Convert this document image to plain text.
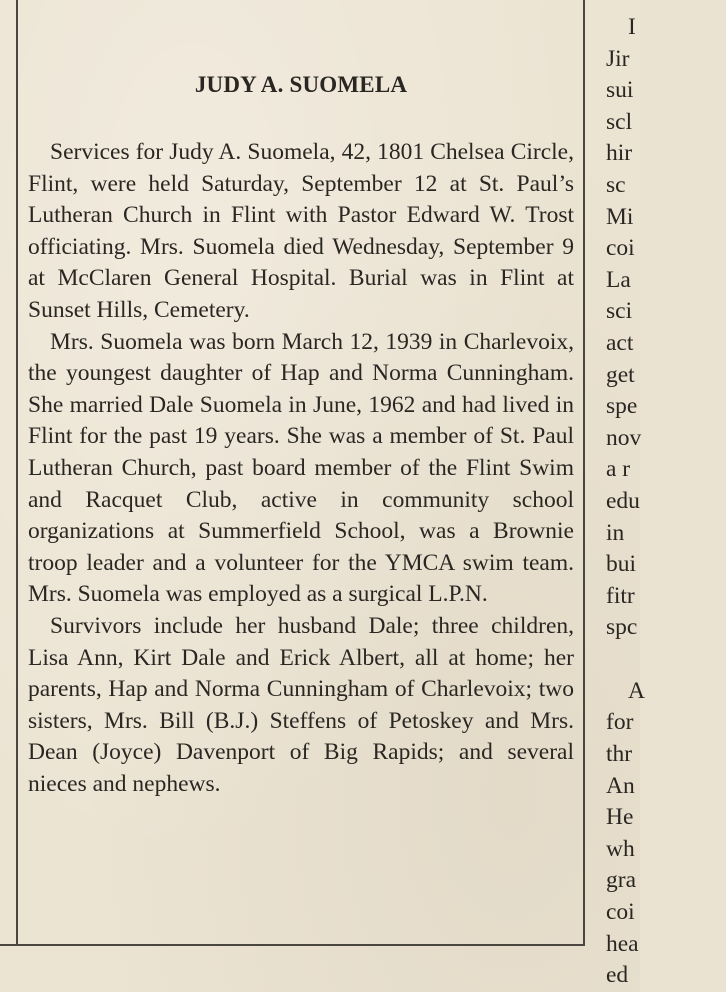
JUDY A. SUOMELA

Services for Judy A. Suomela, 42, 1801 Chelsea Circle, Flint, were held Saturday, September 12 at St. Paul’s Lutheran Church in Flint with Pastor Edward W. Trost officiating. Mrs. Suomela died Wednesday, September 9 at McClaren General Hospital. Burial was in Flint at Sunset Hills, Cemetery.

Mrs. Suomela was born March 12, 1939 in Charlevoix, the youngest daughter of Hap and Norma Cunningham. She married Dale Suomela in June, 1962 and had lived in Flint for the past 19 years. She was a member of St. Paul Lutheran Church, past board member of the Flint Swim and Racquet Club, active in community school organizations at Summerfield School, was a Brownie troop leader and a volunteer for the YMCA swim team. Mrs. Suomela was employed as a surgical L.P.N.

Survivors include her husband Dale; three children, Lisa Ann, Kirt Dale and Erick Albert, all at home; her parents, Hap and Norma Cunningham of Charlevoix; two sisters, Mrs. Bill (B.J.) Steffens of Petoskey and Mrs. Dean (Joyce) Davenport of Big Rapids; and several nieces and nephews.

I
Jir
sui
scl
hir
sc
Mi
coi
La
sci
act
get
spe
nov
a r
edu
in
bui
fitr
spc
A
for
thr
An
He
wh
gra
coi
hea
ed
